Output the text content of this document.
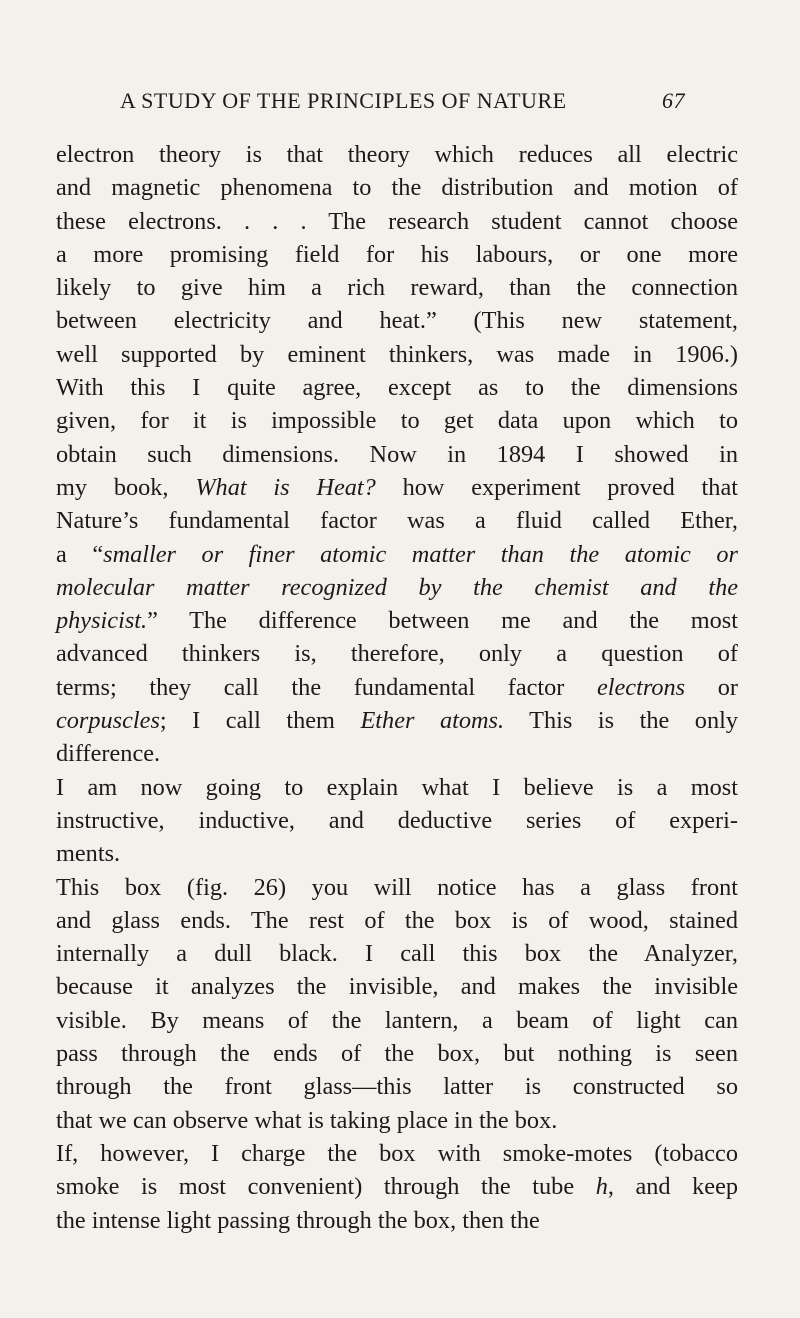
A STUDY OF THE PRINCIPLES OF NATURE	67
electron theory is that theory which reduces all electric
and magnetic phenomena to the distribution and motion of
these electrons. . . . The research student cannot choose
a more promising field for his labours, or one more
likely to give him a rich reward, than the connection
between electricity and heat.” (This new statement,
well supported by eminent thinkers, was made in 1906.)
With this I quite agree, except as to the dimensions
given, for it is impossible to get data upon which to
obtain such dimensions. Now in 1894 I showed in
my book, What is Heat? how experiment proved that
Nature’s fundamental factor was a fluid called Ether,
a “smaller or finer atomic matter than the atomic or
molecular matter recognized by the chemist and the
physicist.” The difference between me and the most
advanced thinkers is, therefore, only a question of
terms; they call the fundamental factor electrons or
corpuscles; I call them Ether atoms. This is the only
difference.
I am now going to explain what I believe is a most
instructive, inductive, and deductive series of experi-
ments.
This box (fig. 26) you will notice has a glass front
and glass ends. The rest of the box is of wood, stained
internally a dull black. I call this box the Analyzer,
because it analyzes the invisible, and makes the invisible
visible. By means of the lantern, a beam of light can
pass through the ends of the box, but nothing is seen
through the front glass—this latter is constructed so
that we can observe what is taking place in the box.
If, however, I charge the box with smoke-motes (tobacco
smoke is most convenient) through the tube h, and keep
the intense light passing through the box, then the
